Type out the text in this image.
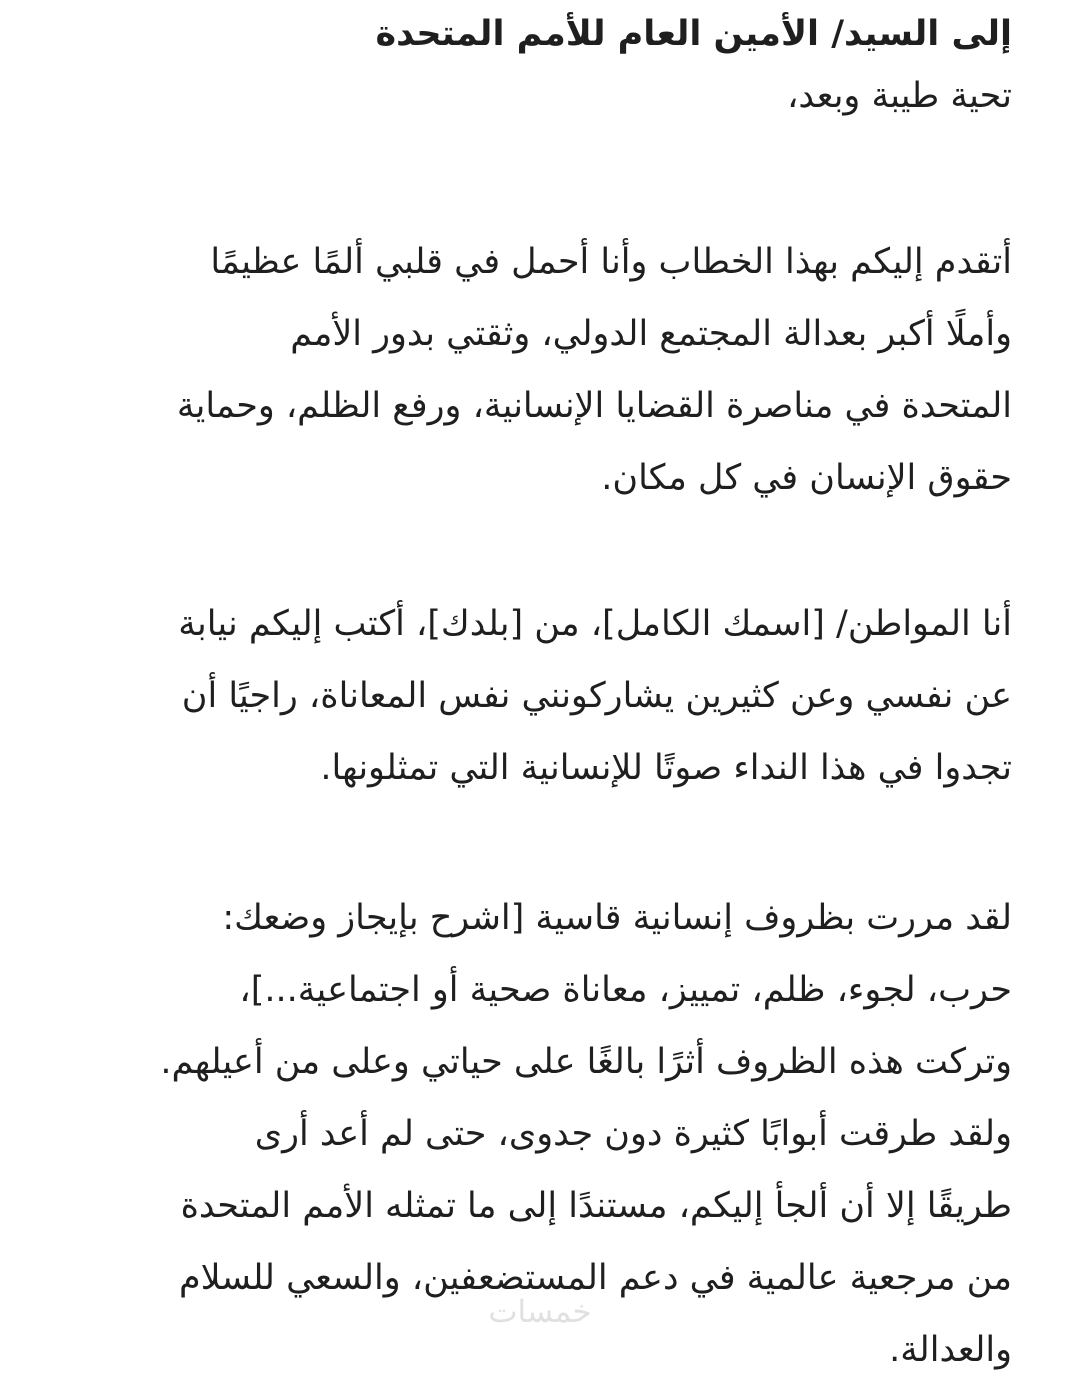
إلى السيد/ الأمين العام للأمم المتحدة

تحية طيبة وبعد،

أتقدم إليكم بهذا الخطاب وأنا أحمل في قلبي ألمًا عظيمًا
وأملًا أكبر بعدالة المجتمع الدولي، وثقتي بدور الأمم
المتحدة في مناصرة القضايا الإنسانية، ورفع الظلم، وحماية
حقوق الإنسان في كل مكان.

أنا المواطن/ [اسمك الكامل]، من [بلدك]، أكتب إليكم نيابة
عن نفسي وعن كثيرين يشاركونني نفس المعاناة، راجيًا أن
تجدوا في هذا النداء صوتًا للإنسانية التي تمثلونها.

لقد مررت بظروف إنسانية قاسية [اشرح بإيجاز وضعك:
حرب، لجوء، ظلم، تمييز، معاناة صحية أو اجتماعية...]،
وتركت هذه الظروف أثرًا بالغًا على حياتي وعلى من أعيلهم.
ولقد طرقت أبوابًا كثيرة دون جدوى، حتى لم أعد أرى
طريقًا إلا أن ألجأ إليكم، مستندًا إلى ما تمثله الأمم المتحدة
من مرجعية عالمية في دعم المستضعفين، والسعي للسلام
والعدالة.

خمسات
